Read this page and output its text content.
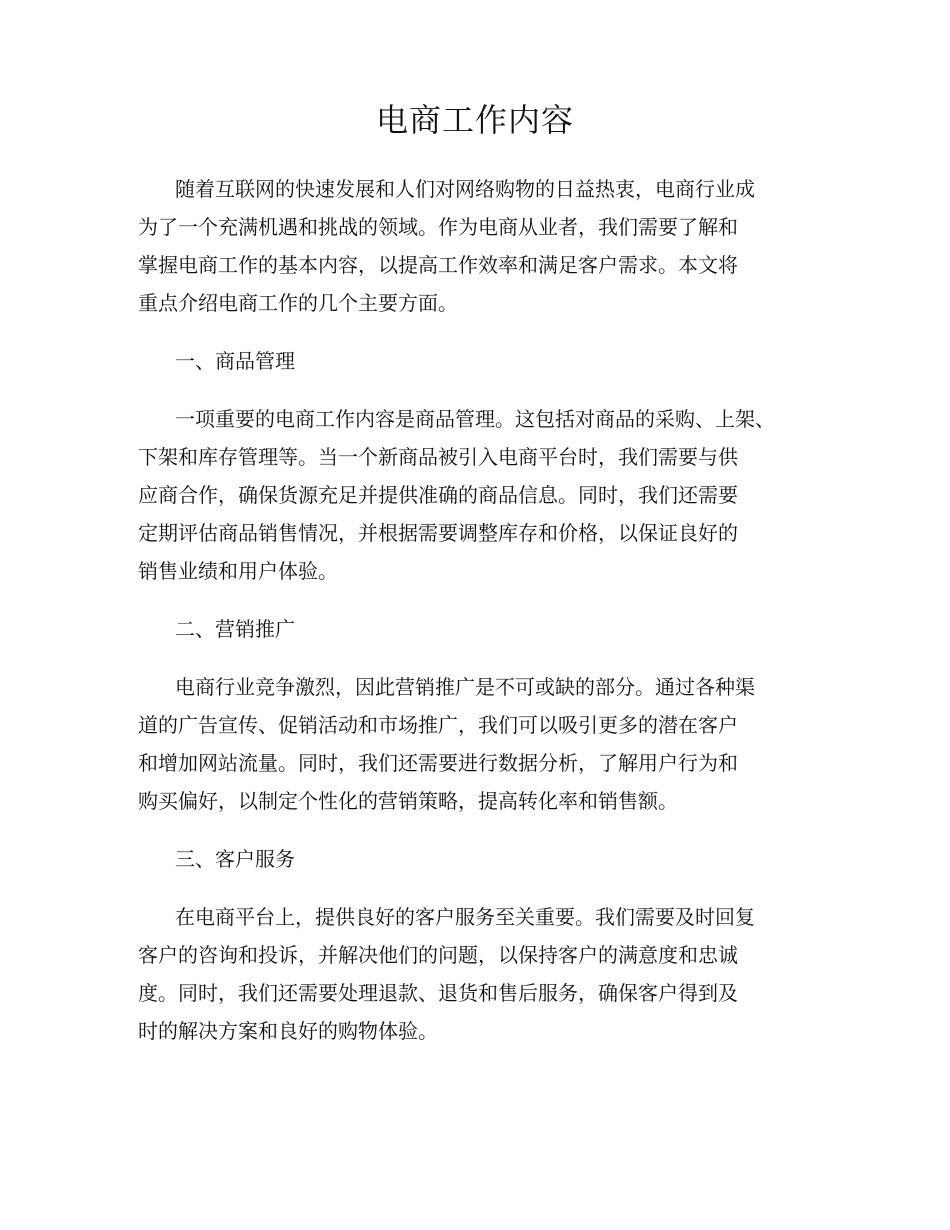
电商工作内容
随着互联网的快速发展和人们对网络购物的日益热衷，电商行业成
为了一个充满机遇和挑战的领域。作为电商从业者，我们需要了解和
掌握电商工作的基本内容，以提高工作效率和满足客户需求。本文将
重点介绍电商工作的几个主要方面。
一、商品管理
一项重要的电商工作内容是商品管理。这包括对商品的采购、上架、
下架和库存管理等。当一个新商品被引入电商平台时，我们需要与供
应商合作，确保货源充足并提供准确的商品信息。同时，我们还需要
定期评估商品销售情况，并根据需要调整库存和价格，以保证良好的
销售业绩和用户体验。
二、营销推广
电商行业竞争激烈，因此营销推广是不可或缺的部分。通过各种渠
道的广告宣传、促销活动和市场推广，我们可以吸引更多的潜在客户
和增加网站流量。同时，我们还需要进行数据分析，了解用户行为和
购买偏好，以制定个性化的营销策略，提高转化率和销售额。
三、客户服务
在电商平台上，提供良好的客户服务至关重要。我们需要及时回复
客户的咨询和投诉，并解决他们的问题，以保持客户的满意度和忠诚
度。同时，我们还需要处理退款、退货和售后服务，确保客户得到及
时的解决方案和良好的购物体验。
